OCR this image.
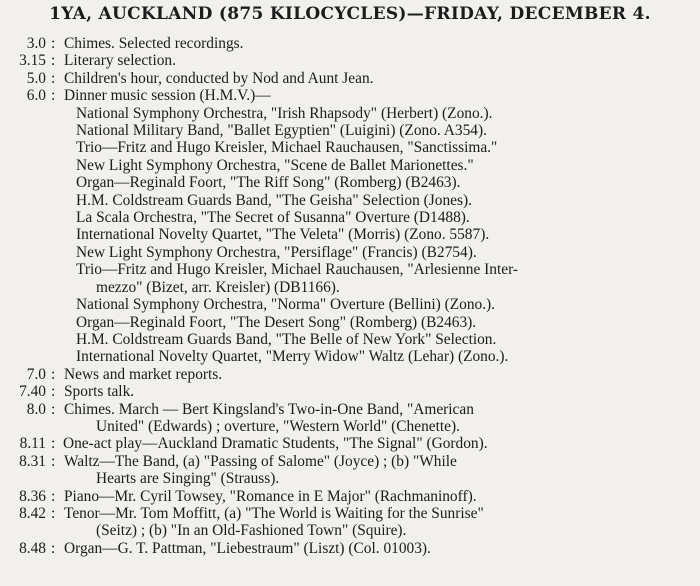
1YA, AUCKLAND (875 KILOCYCLES)—FRIDAY, DECEMBER 4.
3.0 : Chimes. Selected recordings.
3.15 : Literary selection.
5.0 : Children's hour, conducted by Nod and Aunt Jean.
6.0 : Dinner music session (H.M.V.)—
National Symphony Orchestra, "Irish Rhapsody" (Herbert) (Zono.).
National Military Band, "Ballet Egyptien" (Luigini) (Zono. A354).
Trio—Fritz and Hugo Kreisler, Michael Rauchausen, "Sanctissima."
New Light Symphony Orchestra, "Scene de Ballet Marionettes."
Organ—Reginald Foort, "The Riff Song" (Romberg) (B2463).
H.M. Coldstream Guards Band, "The Geisha" Selection (Jones).
La Scala Orchestra, "The Secret of Susanna" Overture (D1488).
International Novelty Quartet, "The Veleta" (Morris) (Zono. 5587).
New Light Symphony Orchestra, "Persiflage" (Francis) (B2754).
Trio—Fritz and Hugo Kreisler, Michael Rauchausen, "Arlesienne Inter-
mezzo" (Bizet, arr. Kreisler) (DB1166).
National Symphony Orchestra, "Norma" Overture (Bellini) (Zono.).
Organ—Reginald Foort, "The Desert Song" (Romberg) (B2463).
H.M. Coldstream Guards Band, "The Belle of New York" Selection.
International Novelty Quartet, "Merry Widow" Waltz (Lehar) (Zono.).
7.0 : News and market reports.
7.40 : Sports talk.
8.0 : Chimes. March — Bert Kingsland's Two-in-One Band, "American
United" (Edwards) ; overture, "Western World" (Chenette).
8.11 : One-act play—Auckland Dramatic Students, "The Signal" (Gordon).
8.31 : Waltz—The Band, (a) "Passing of Salome" (Joyce) ; (b) "While
Hearts are Singing" (Strauss).
8.36 : Piano—Mr. Cyril Towsey, "Romance in E Major" (Rachmaninoff).
8.42 : Tenor—Mr. Tom Moffitt, (a) "The World is Waiting for the Sunrise"
(Seitz) ; (b) "In an Old-Fashioned Town" (Squire).
8.48 : Organ—G. T. Pattman, "Liebestraum" (Liszt) (Col. 01003).
